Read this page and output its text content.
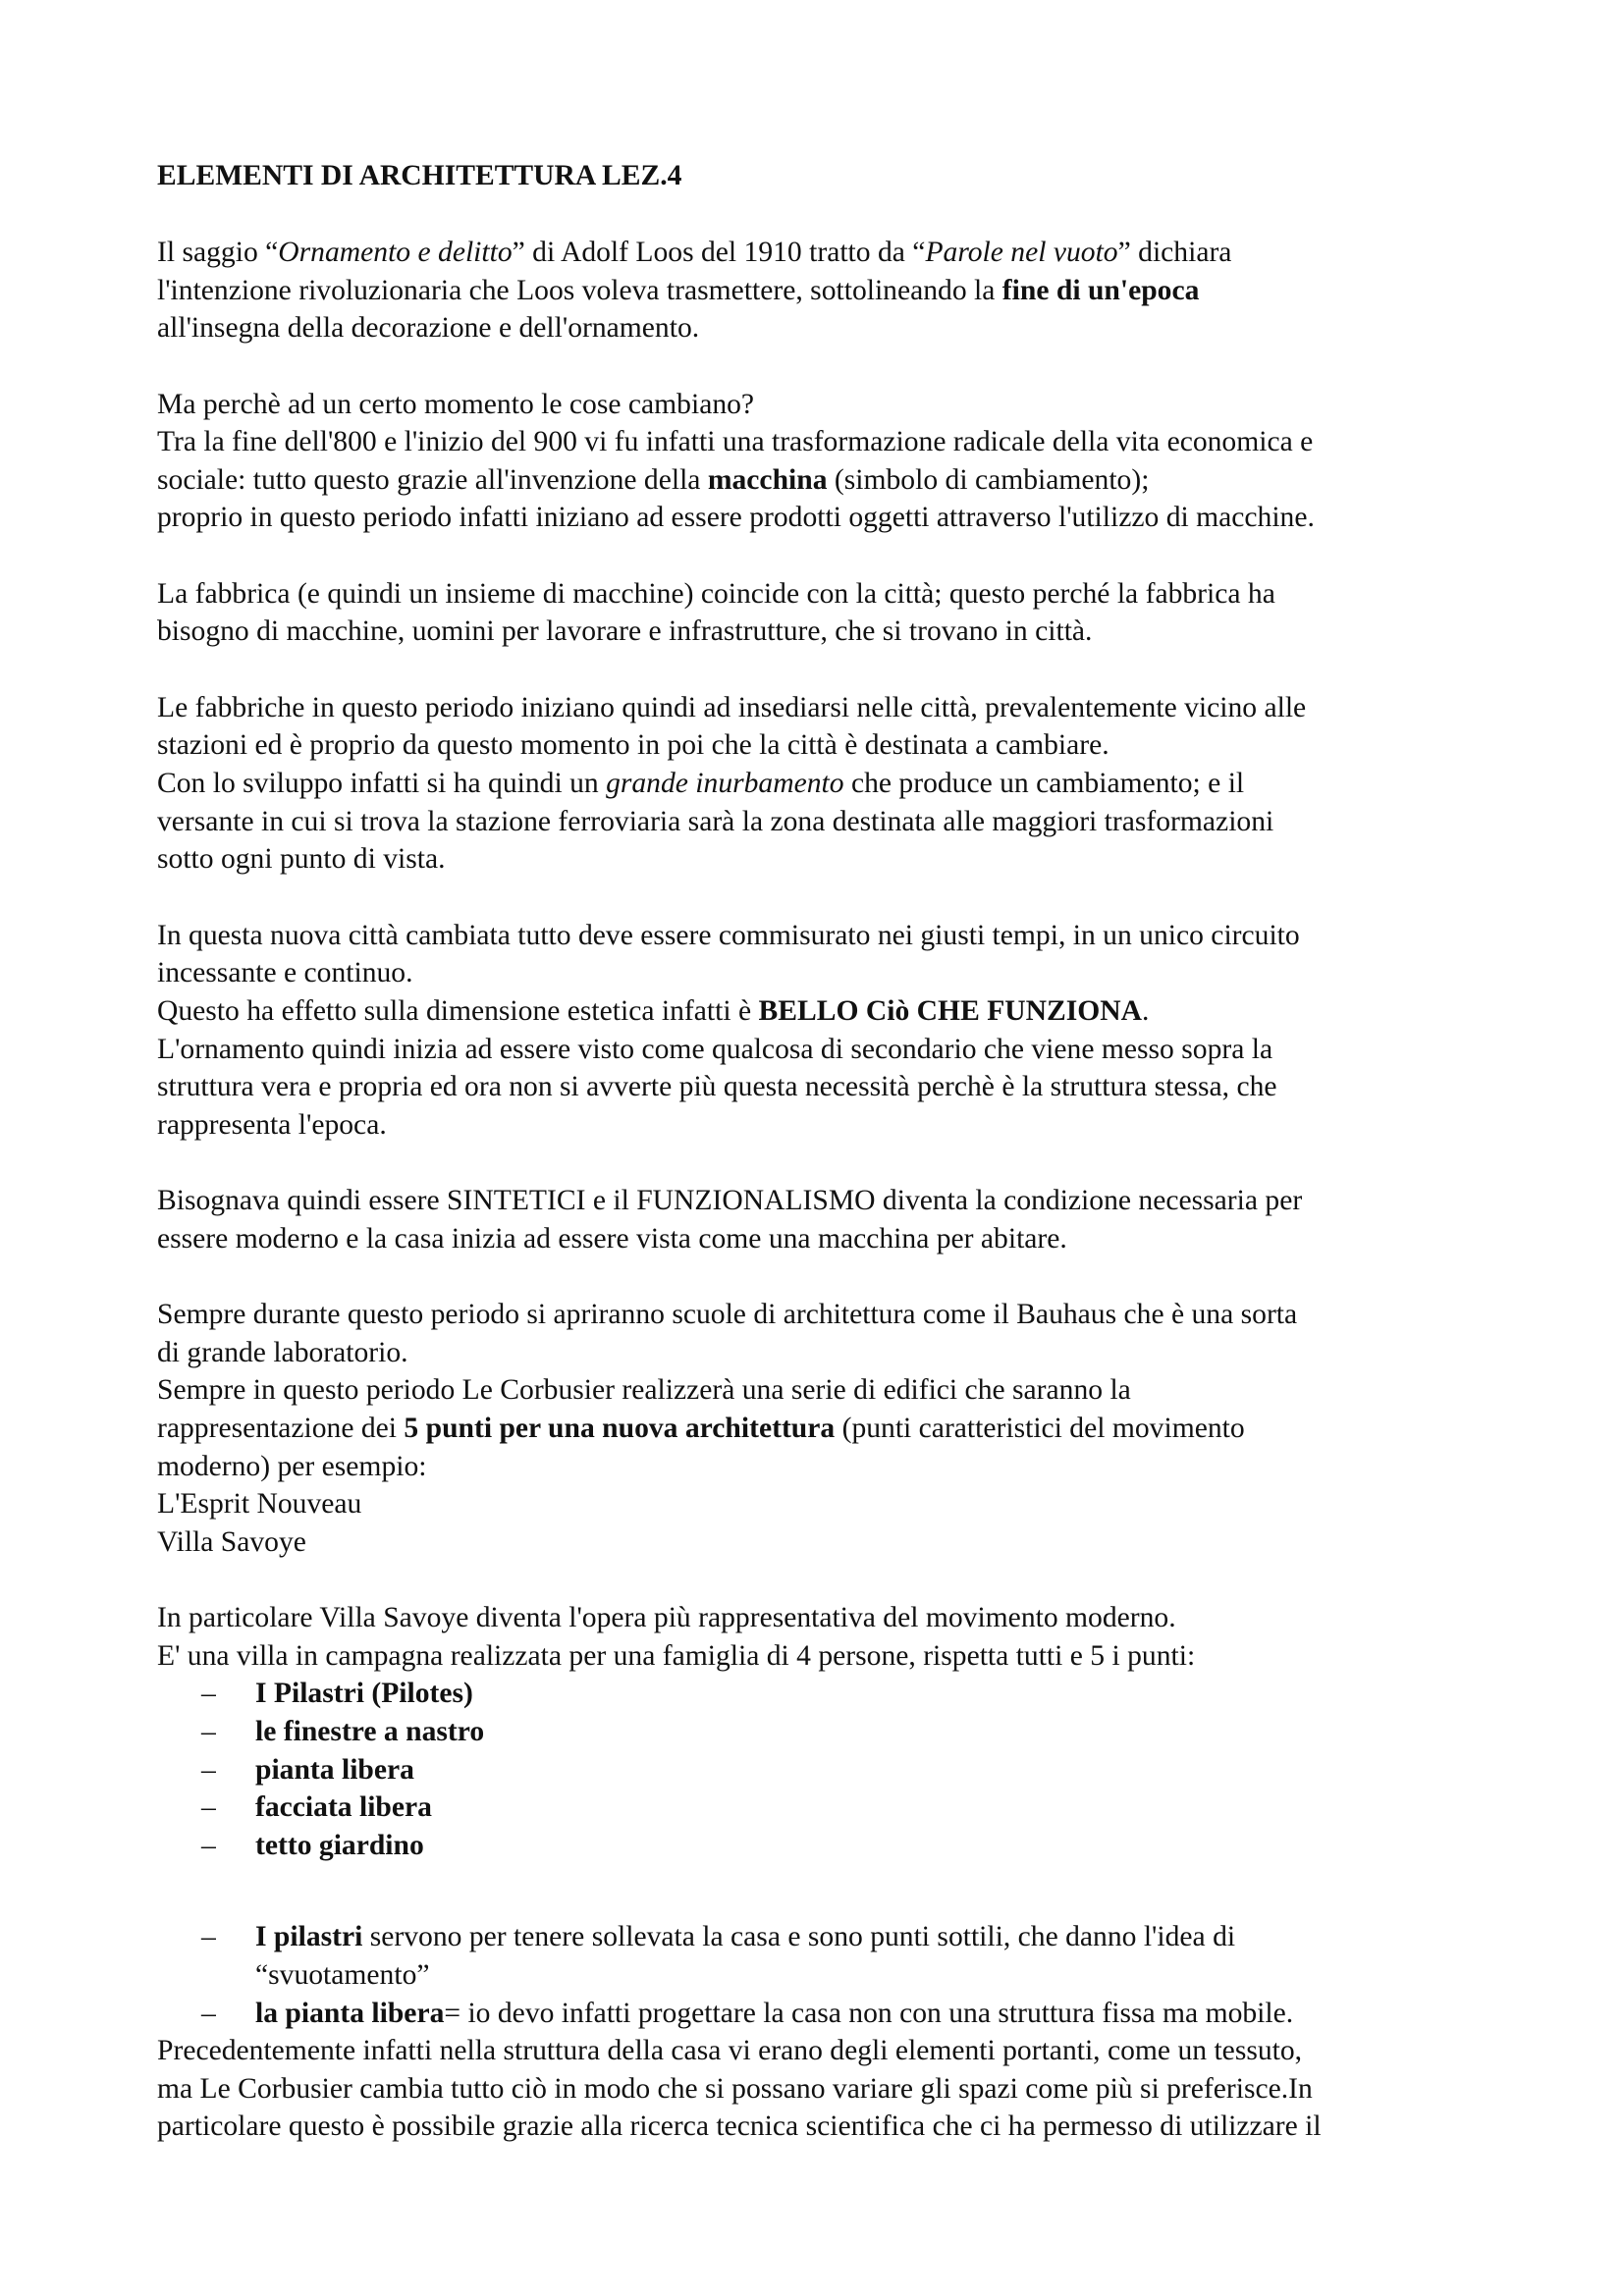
ELEMENTI DI ARCHITETTURA LEZ.4
Il saggio “Ornamento e delitto” di Adolf Loos del 1910 tratto da “Parole nel vuoto” dichiara
l'intenzione rivoluzionaria che Loos voleva trasmettere, sottolineando la fine di un'epoca
all'insegna della decorazione e dell'ornamento.
Ma perchè ad un certo momento le cose cambiano?
Tra la fine dell'800 e l'inizio del 900 vi fu infatti una trasformazione radicale della vita economica e
sociale: tutto questo grazie all'invenzione della macchina (simbolo di cambiamento);
proprio in questo periodo infatti iniziano ad essere prodotti oggetti attraverso l'utilizzo di macchine.
La fabbrica (e quindi un insieme di macchine) coincide con la città; questo perché la fabbrica ha
bisogno di macchine, uomini per lavorare e infrastrutture, che si trovano in città.
Le fabbriche in questo periodo iniziano quindi ad insediarsi nelle città, prevalentemente vicino alle
stazioni ed è proprio da questo momento in poi che la città è destinata a cambiare.
Con lo sviluppo infatti si ha quindi un grande inurbamento che produce un cambiamento; e il
versante in cui si trova la stazione ferroviaria sarà la zona destinata alle maggiori trasformazioni
sotto ogni punto di vista.
In questa nuova città cambiata tutto deve essere commisurato nei giusti tempi, in un unico circuito
incessante e continuo.
Questo ha effetto sulla dimensione estetica infatti è BELLO Ciò CHE FUNZIONA.
L'ornamento quindi inizia ad essere visto come qualcosa di secondario che viene messo sopra la
struttura vera e propria ed ora non si avverte più questa necessità perchè è la struttura stessa, che
rappresenta l'epoca.
Bisognava quindi essere SINTETICI e il FUNZIONALISMO diventa la condizione necessaria per
essere moderno e la casa inizia ad essere vista come una macchina per abitare.
Sempre durante questo periodo si apriranno scuole di architettura come il Bauhaus che è una sorta
di grande laboratorio.
Sempre in questo periodo Le Corbusier realizzerà una serie di edifici che saranno la
rappresentazione dei 5 punti per una nuova architettura (punti caratteristici del movimento
moderno) per esempio:
L'Esprit Nouveau
Villa Savoye
In particolare Villa Savoye diventa l'opera più rappresentativa del movimento moderno.
E' una villa in campagna realizzata per una famiglia di 4 persone, rispetta tutti e 5 i punti:
– I Pilastri (Pilotes)
– le finestre a nastro
– pianta libera
– facciata libera
– tetto giardino
– I pilastri servono per tenere sollevata la casa e sono punti sottili, che danno l'idea di
“svuotamento”
– la pianta libera= io devo infatti progettare la casa non con una struttura fissa ma mobile.
Precedentemente infatti nella struttura della casa vi erano degli elementi portanti, come un tessuto,
ma Le Corbusier cambia tutto ciò in modo che si possano variare gli spazi come più si preferisce.In
particolare questo è possibile grazie alla ricerca tecnica scientifica che ci ha permesso di utilizzare il
